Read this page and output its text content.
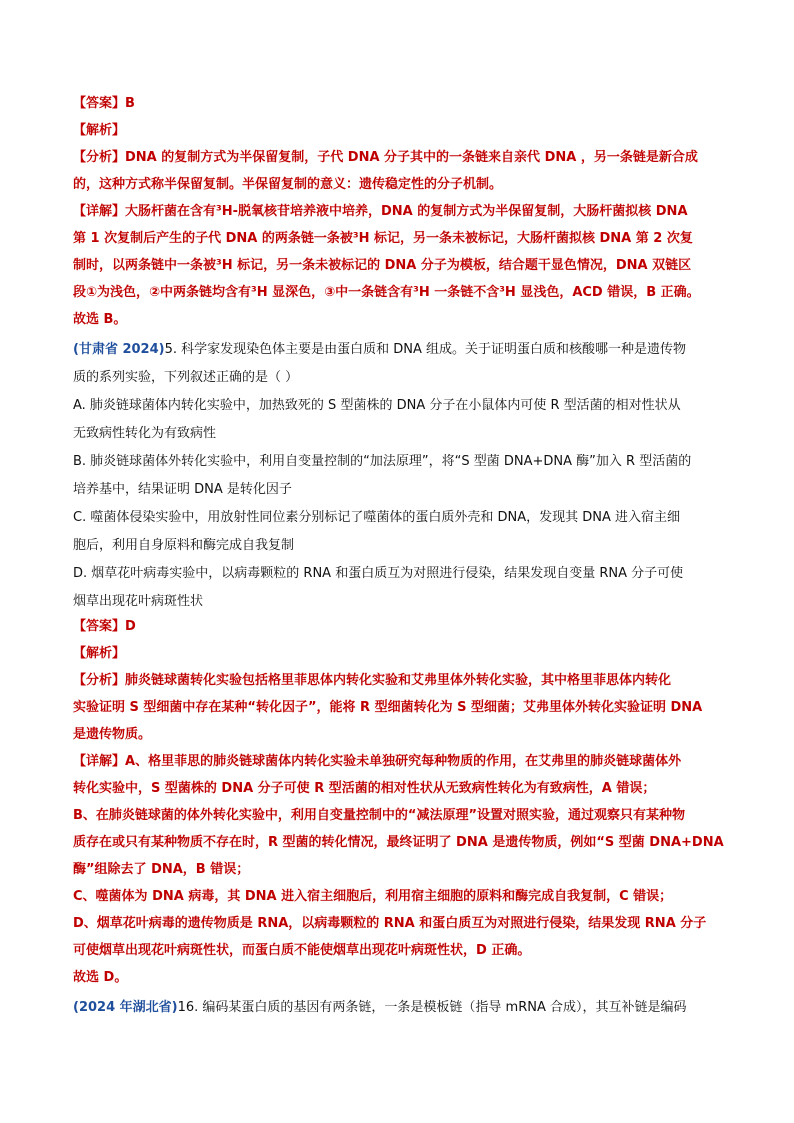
【答案】B
【解析】
【分析】DNA 的复制方式为半保留复制，子代 DNA 分子其中的一条链来自亲代 DNA ，另一条链是新合成
的，这种方式称半保留复制。半保留复制的意义：遗传稳定性的分子机制。
【详解】大肠杆菌在含有³H-脱氧核苷培养液中培养，DNA 的复制方式为半保留复制，大肠杆菌拟核 DNA
第 1 次复制后产生的子代 DNA 的两条链一条被³H 标记，另一条未被标记，大肠杆菌拟核 DNA 第 2 次复
制时，以两条链中一条被³H 标记，另一条未被标记的 DNA 分子为模板，结合题干显色情况，DNA 双链区
段①为浅色，②中两条链均含有³H 显深色，③中一条链含有³H 一条链不含³H 显浅色，ACD 错误，B 正确。
故选 B。
(甘肃省 2024)5. 科学家发现染色体主要是由蛋白质和 DNA 组成。关于证明蛋白质和核酸哪一种是遗传物
质的系列实验，下列叙述正确的是（ ）
A. 肺炎链球菌体内转化实验中，加热致死的 S 型菌株的 DNA 分子在小鼠体内可使 R 型活菌的相对性状从
无致病性转化为有致病性
B. 肺炎链球菌体外转化实验中，利用自变量控制的“加法原理”，将“S 型菌 DNA+DNA 酶”加入 R 型活菌的
培养基中，结果证明 DNA 是转化因子
C. 噬菌体侵染实验中，用放射性同位素分别标记了噬菌体的蛋白质外壳和 DNA，发现其 DNA 进入宿主细
胞后，利用自身原料和酶完成自我复制
D. 烟草花叶病毒实验中，以病毒颗粒的 RNA 和蛋白质互为对照进行侵染，结果发现自变量 RNA 分子可使
烟草出现花叶病斑性状
【答案】D
【解析】
【分析】肺炎链球菌转化实验包括格里菲思体内转化实验和艾弗里体外转化实验，其中格里菲思体内转化
实验证明 S 型细菌中存在某种“转化因子”，能将 R 型细菌转化为 S 型细菌；艾弗里体外转化实验证明 DNA
是遗传物质。
【详解】A、格里菲思的肺炎链球菌体内转化实验未单独研究每种物质的作用，在艾弗里的肺炎链球菌体外
转化实验中，S 型菌株的 DNA 分子可使 R 型活菌的相对性状从无致病性转化为有致病性，A 错误；
B、在肺炎链球菌的体外转化实验中，利用自变量控制中的“减法原理”设置对照实验，通过观察只有某种物
质存在或只有某种物质不存在时，R 型菌的转化情况，最终证明了 DNA 是遗传物质，例如“S 型菌 DNA+DNA
酶”组除去了 DNA，B 错误；
C、噬菌体为 DNA 病毒，其 DNA 进入宿主细胞后，利用宿主细胞的原料和酶完成自我复制，C 错误；
D、烟草花叶病毒的遗传物质是 RNA，以病毒颗粒的 RNA 和蛋白质互为对照进行侵染，结果发现 RNA 分子
可使烟草出现花叶病斑性状，而蛋白质不能使烟草出现花叶病斑性状，D 正确。
故选 D。
(2024 年湖北省)16. 编码某蛋白质的基因有两条链，一条是模板链（指导 mRNA 合成），其互补链是编码
